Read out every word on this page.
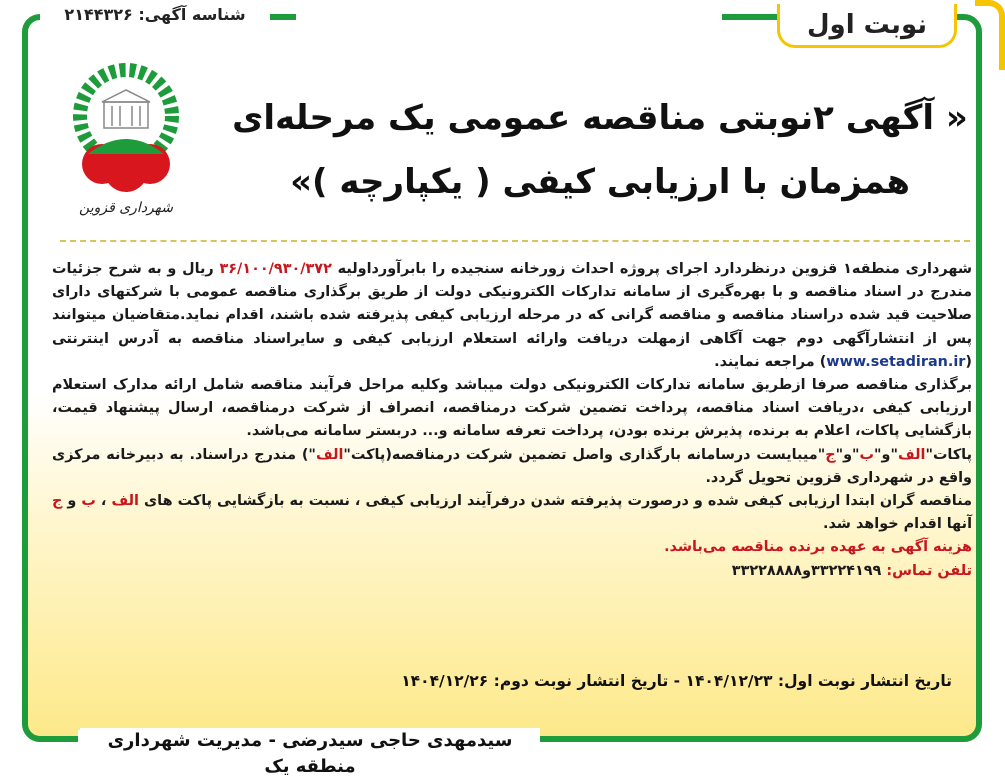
شناسه آگهی: ۲۱۴۴۳۲۶	نوبت اول
شهرداری قزوین
« آگهی ۲نوبتی مناقصه عمومی یک مرحله‌ای
همزمان با ارزیابی کیفی ( یکپارچه )»

شهرداری منطقه۱ قزوین درنظردارد اجرای پروژه احداث زورخانه سنجیده را بابرآورداولیه ۳۶/۱۰۰/۹۳۰/۳۷۲ ریال و به شرح جزئیات مندرج در اسناد مناقصه و با بهره‌گیری از سامانه تدارکات الکترونیکی دولت از طریق برگذاری مناقصه عمومی با شرکتهای دارای صلاحیت قید شده دراسناد مناقصه و مناقصه گرانی که در مرحله ارزیابی کیفی پذیرفته شده باشند، اقدام نماید.متقاضیان میتوانند پس از انتشارآگهی دوم جهت آگاهی ازمهلت دریافت وارائه استعلام ارزیابی کیفی و سایراسناد مناقصه به آدرس اینترنتی (www.setadiran.ir) مراجعه نمایند.

برگذاری مناقصه صرفا ازطریق سامانه تدارکات الکترونیکی دولت میباشد وکلیه مراحل فرآیند مناقصه شامل ارائه مدارک استعلام ارزیابی کیفی ،دریافت اسناد مناقصه، پرداخت تضمین شرکت درمناقصه، انصراف از شرکت درمناقصه، ارسال پیشنهاد قیمت، بازگشایی پاکات، اعلام به برنده، پذیرش برنده بودن، پرداخت تعرفه سامانه و... دربستر سامانه می‌باشد.

پاکات"الف"و"ب"و"ج"میبایست درسامانه بارگذاری واصل تضمین شرکت درمناقصه(پاکت"الف") مندرج دراسناد. به دبیرخانه مرکزی واقع در شهرداری قزوین تحویل گردد.

مناقصه گران ابتدا ارزیابی کیفی شده و درصورت پذیرفته شدن درفرآیند ارزیابی کیفی ، نسبت به بازگشایی پاکت های الف ، ب و ج آنها اقدام خواهد شد.

هزینه آگهی به عهده برنده مناقصه می‌باشد.

تلفن تماس: ۳۳۲۲۴۱۹۹و۳۳۲۲۸۸۸۸

تاریخ انتشار نوبت اول: ۱۴۰۴/۱۲/۲۳ - تاریخ انتشار نوبت دوم: ۱۴۰۴/۱۲/۲۶
سیدمهدی حاجی سیدرضی - مدیریت شهرداری منطقه یک
